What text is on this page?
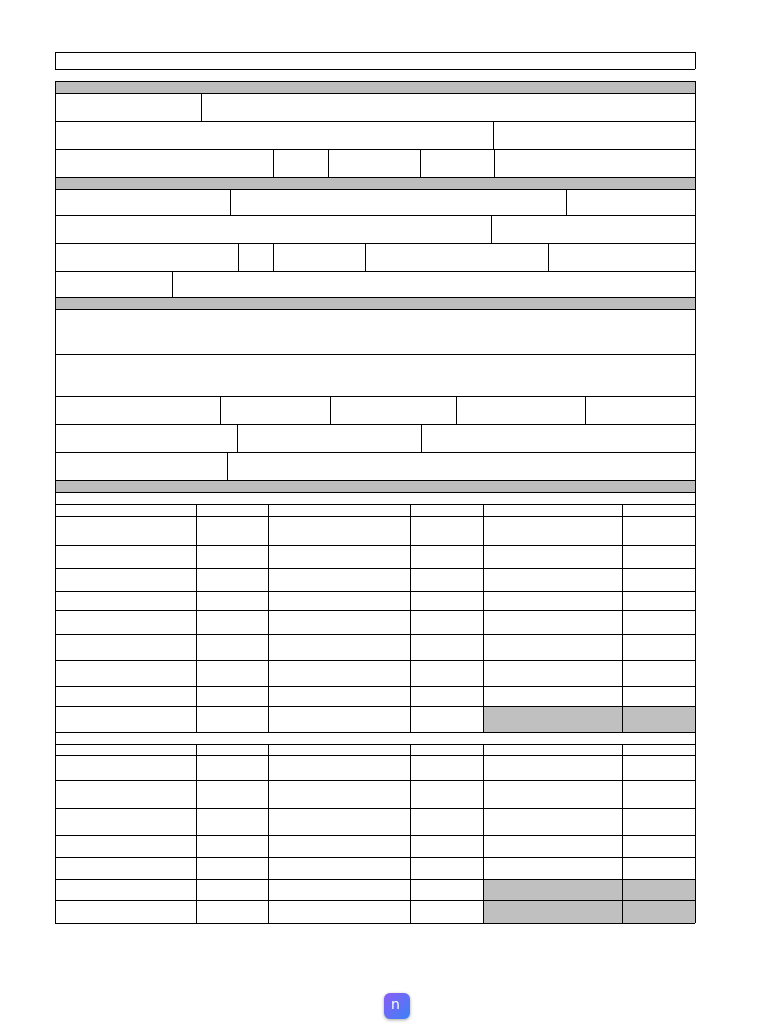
n
